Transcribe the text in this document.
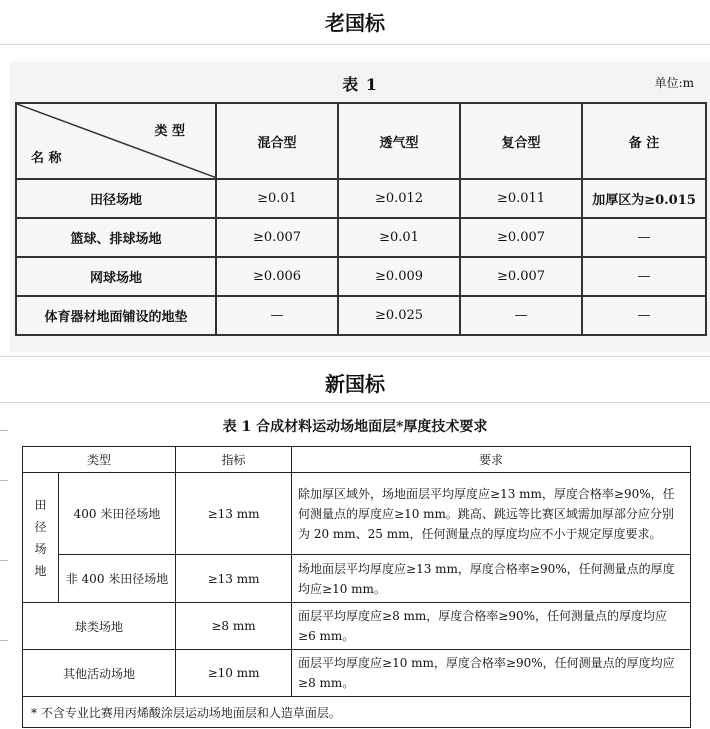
老国标
表 1	单位:m
类 型
名 称	混合型	透气型	复合型	备 注
田径场地	≥0.01	≥0.012	≥0.011	加厚区为≥0.015
篮球、排球场地	≥0.007	≥0.01	≥0.007	—
网球场地	≥0.006	≥0.009	≥0.007	—
体育器材地面铺设的地垫	—	≥0.025	—	—
新国标
表 1 合成材料运动场地面层*厚度技术要求
类型		指标	要求

田
径
场
地	400 米田径场地	≥13 mm	除加厚区域外，场地面层平均厚度应≥13 mm，厚度合格率≥90%，任何测量点的厚度应≥10 mm。跳高、跳远等比赛区域需加厚部分应分别为 20 mm、25 mm，任何测量点的厚度均应不小于规定厚度要求。
	非 400 米田径场地	≥13 mm	场地面层平均厚度应≥13 mm，厚度合格率≥90%，任何测量点的厚度均应≥10 mm。
球类场地		≥8 mm	面层平均厚度应≥8 mm，厚度合格率≥90%，任何测量点的厚度均应≥6 mm。
其他活动场地		≥10 mm	面层平均厚度应≥10 mm，厚度合格率≥90%，任何测量点的厚度均应≥8 mm。
* 不含专业比赛用丙烯酸涂层运动场地面层和人造草面层。			
